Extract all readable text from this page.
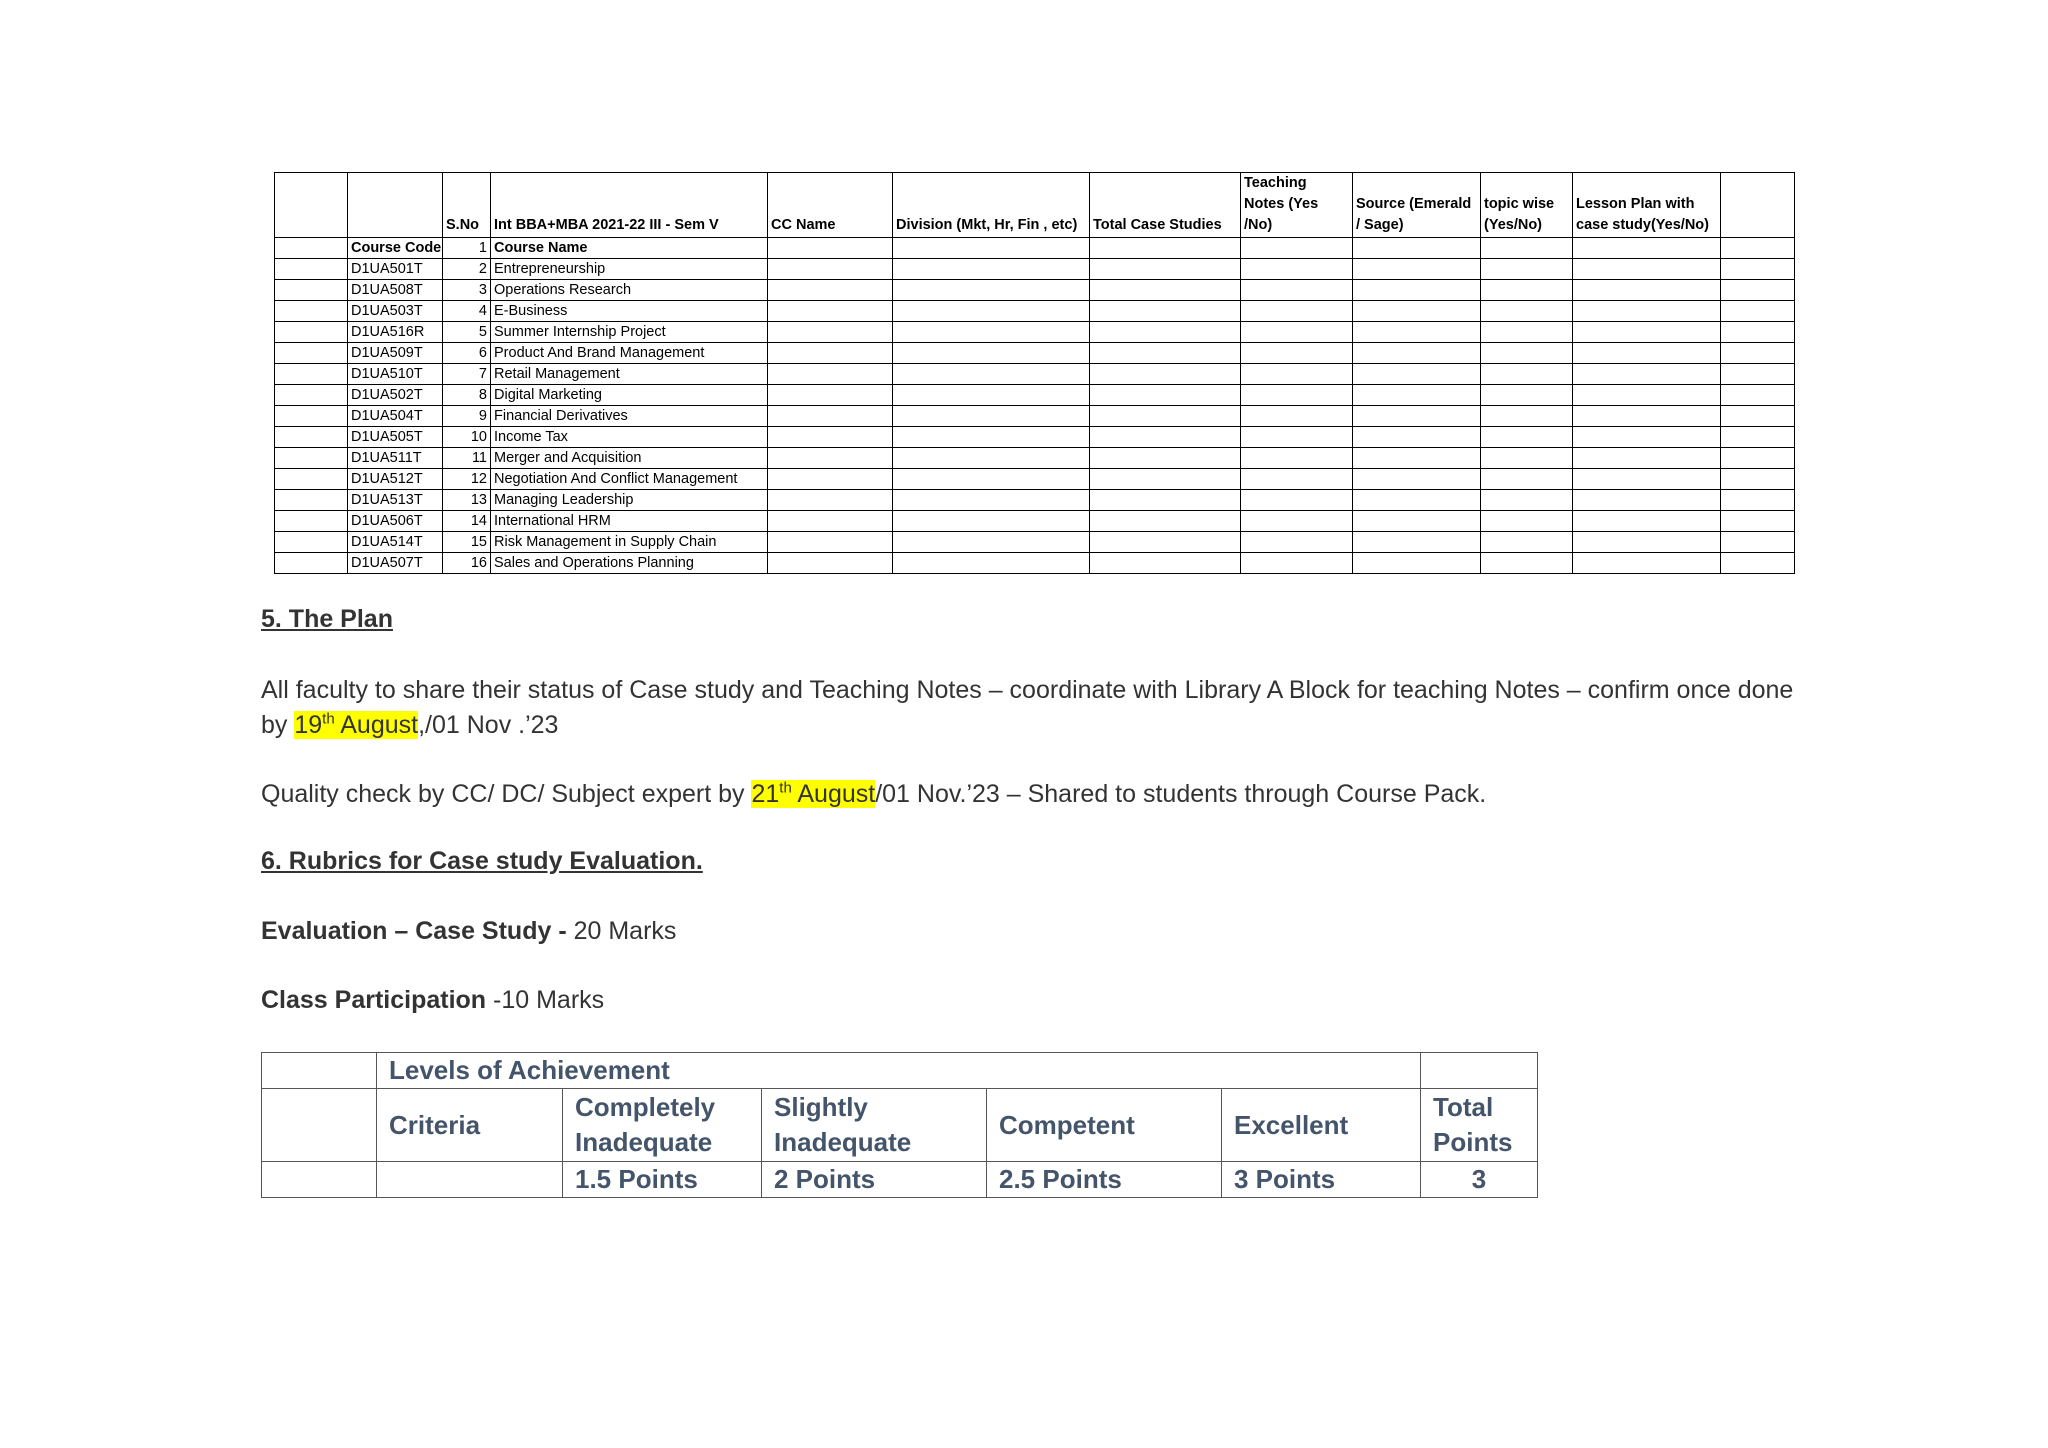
		S.No	Int BBA+MBA 2021-22 III - Sem V	CC Name	Division (Mkt, Hr, Fin , etc)	Total Case Studies	Teaching Notes (Yes /No)	Source (Emerald / Sage)	topic wise (Yes/No)	Lesson Plan with case study(Yes/No)	
	Course Code	1	Course Name								
	D1UA501T	2	Entrepreneurship								
	D1UA508T	3	Operations Research								
	D1UA503T	4	E-Business								
	D1UA516R	5	Summer Internship Project								
	D1UA509T	6	Product And Brand Management								
	D1UA510T	7	Retail Management								
	D1UA502T	8	Digital Marketing								
	D1UA504T	9	Financial Derivatives								
	D1UA505T	10	Income Tax								
	D1UA511T	11	Merger and Acquisition								
	D1UA512T	12	Negotiation And Conflict Management								
	D1UA513T	13	Managing Leadership								
	D1UA506T	14	International HRM								
	D1UA514T	15	Risk Management in Supply Chain								
	D1UA507T	16	Sales and Operations Planning								
5. The Plan

All faculty to share their status of Case study and Teaching Notes – coordinate with Library A Block for teaching Notes – confirm once done by 19th August,/01 Nov .’23

Quality check by CC/ DC/ Subject expert by 21th August/01 Nov.’23 – Shared to students through Course Pack.

6. Rubrics for Case study Evaluation.

Evaluation – Case Study - 20 Marks

Class Participation -10 Marks

	Levels of Achievement					
	Criteria	Completely Inadequate	Slightly Inadequate	Competent	Excellent	Total Points
		1.5 Points	2 Points	2.5 Points	3 Points	3
